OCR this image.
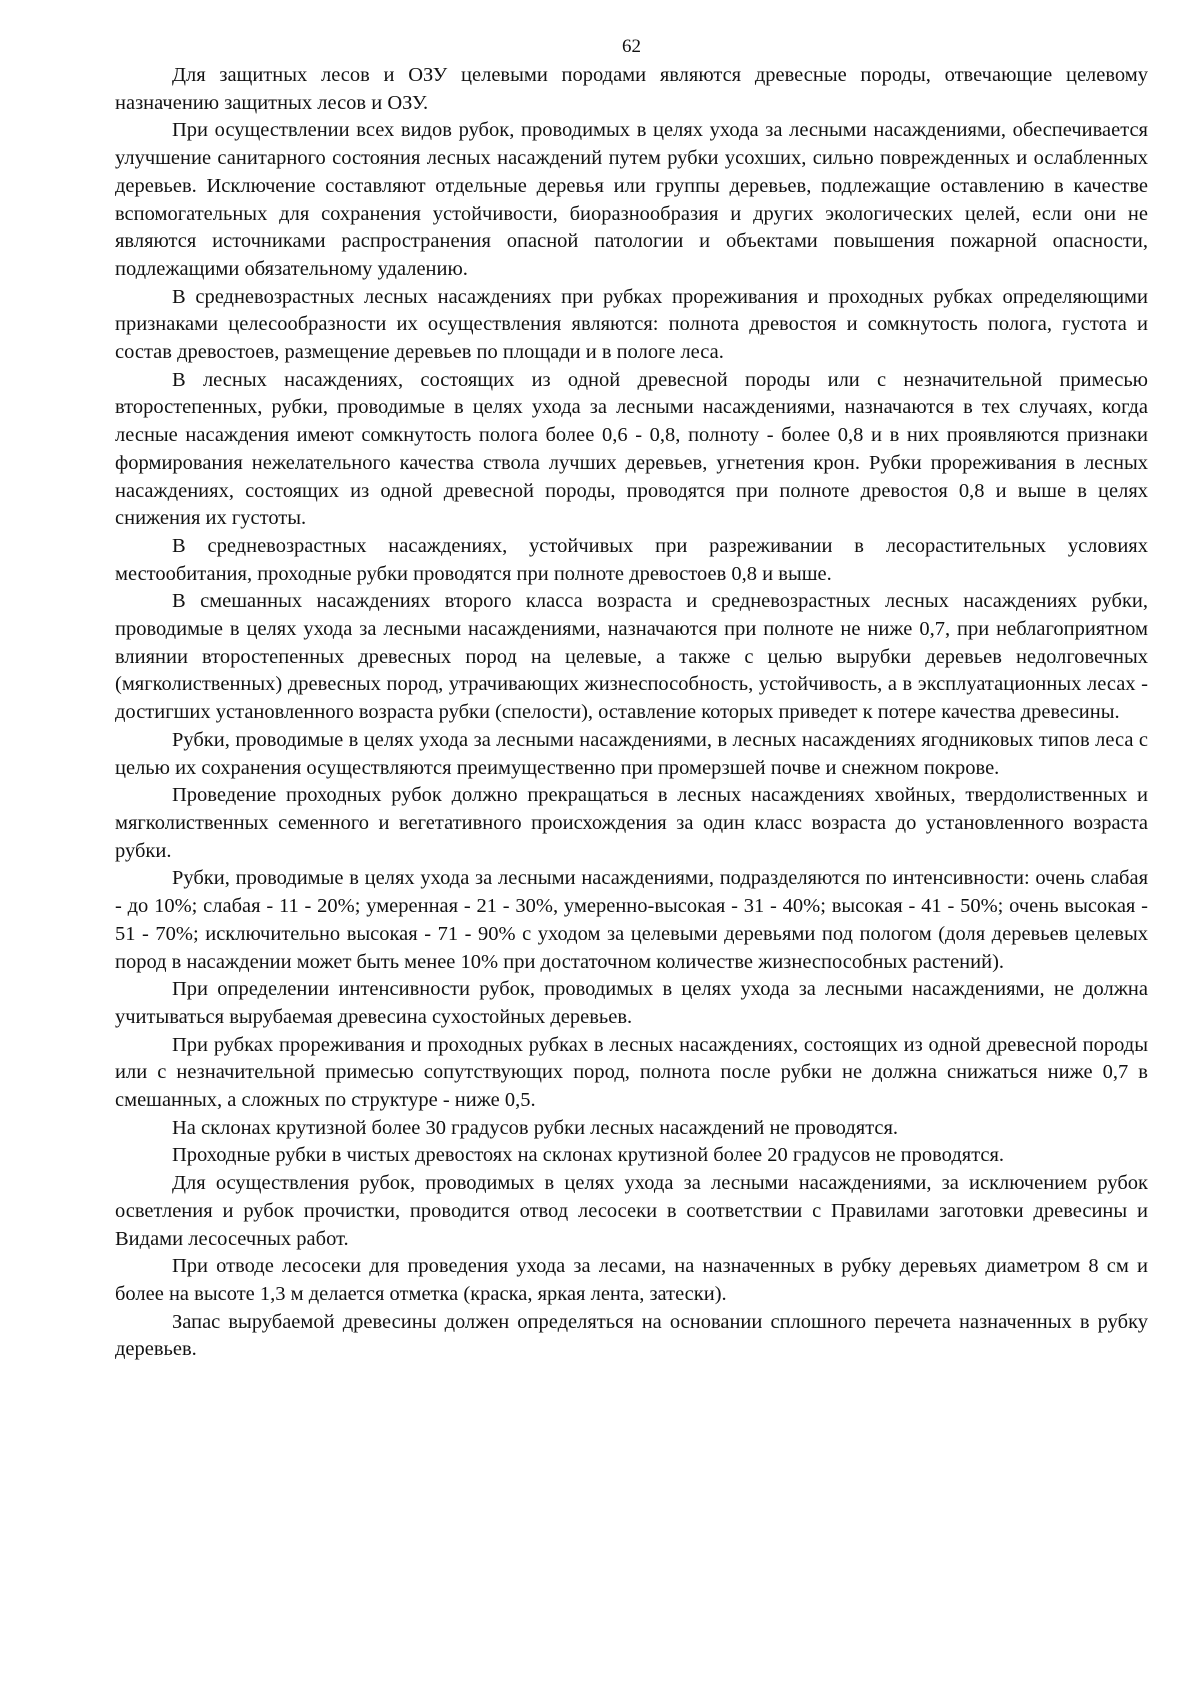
62

Для защитных лесов и ОЗУ целевыми породами являются древесные породы, отвечающие целевому назначению защитных лесов и ОЗУ.

При осуществлении всех видов рубок, проводимых в целях ухода за лесными насаждениями, обеспечивается улучшение санитарного состояния лесных насаждений путем рубки усохших, сильно поврежденных и ослабленных деревьев. Исключение составляют отдельные деревья или группы деревьев, подлежащие оставлению в качестве вспомогательных для сохранения устойчивости, биоразнообразия и других экологических целей, если они не являются источниками распространения опасной патологии и объектами повышения пожарной опасности, подлежащими обязательному удалению.

В средневозрастных лесных насаждениях при рубках прореживания и проходных рубках определяющими признаками целесообразности их осуществления являются: полнота древостоя и сомкнутость полога, густота и состав древостоев, размещение деревьев по площади и в пологе леса.

В лесных насаждениях, состоящих из одной древесной породы или с незначительной примесью второстепенных, рубки, проводимые в целях ухода за лесными насаждениями, назначаются в тех случаях, когда лесные насаждения имеют сомкнутость полога более 0,6 - 0,8, полноту - более 0,8 и в них проявляются признаки формирования нежелательного качества ствола лучших деревьев, угнетения крон. Рубки прореживания в лесных насаждениях, состоящих из одной древесной породы, проводятся при полноте древостоя 0,8 и выше в целях снижения их густоты.

В средневозрастных насаждениях, устойчивых при разреживании в лесорастительных условиях местообитания, проходные рубки проводятся при полноте древостоев 0,8 и выше.

В смешанных насаждениях второго класса возраста и средневозрастных лесных насаждениях рубки, проводимые в целях ухода за лесными насаждениями, назначаются при полноте не ниже 0,7, при неблагоприятном влиянии второстепенных древесных пород на целевые, а также с целью вырубки деревьев недолговечных (мягколиственных) древесных пород, утрачивающих жизнеспособность, устойчивость, а в эксплуатационных лесах - достигших установленного возраста рубки (спелости), оставление которых приведет к потере качества древесины.

Рубки, проводимые в целях ухода за лесными насаждениями, в лесных насаждениях ягодниковых типов леса с целью их сохранения осуществляются преимущественно при промерзшей почве и снежном покрове.

Проведение проходных рубок должно прекращаться в лесных насаждениях хвойных, твердолиственных и мягколиственных семенного и вегетативного происхождения за один класс возраста до установленного возраста рубки.

Рубки, проводимые в целях ухода за лесными насаждениями, подразделяются по интенсивности: очень слабая - до 10%; слабая - 11 - 20%; умеренная - 21 - 30%, умеренно-высокая - 31 - 40%; высокая - 41 - 50%; очень высокая - 51 - 70%; исключительно высокая - 71 - 90% с уходом за целевыми деревьями под пологом (доля деревьев целевых пород в насаждении может быть менее 10% при достаточном количестве жизнеспособных растений).

При определении интенсивности рубок, проводимых в целях ухода за лесными насаждениями, не должна учитываться вырубаемая древесина сухостойных деревьев.

При рубках прореживания и проходных рубках в лесных насаждениях, состоящих из одной древесной породы или с незначительной примесью сопутствующих пород, полнота после рубки не должна снижаться ниже 0,7 в смешанных, а сложных по структуре - ниже 0,5.

На склонах крутизной более 30 градусов рубки лесных насаждений не проводятся.

Проходные рубки в чистых древостоях на склонах крутизной более 20 градусов не проводятся.

Для осуществления рубок, проводимых в целях ухода за лесными насаждениями, за исключением рубок осветления и рубок прочистки, проводится отвод лесосеки в соответствии с Правилами заготовки древесины и Видами лесосечных работ.

При отводе лесосеки для проведения ухода за лесами, на назначенных в рубку деревьях диаметром 8 см и более на высоте 1,3 м делается отметка (краска, яркая лента, затески).

Запас вырубаемой древесины должен определяться на основании сплошного перечета назначенных в рубку деревьев.
